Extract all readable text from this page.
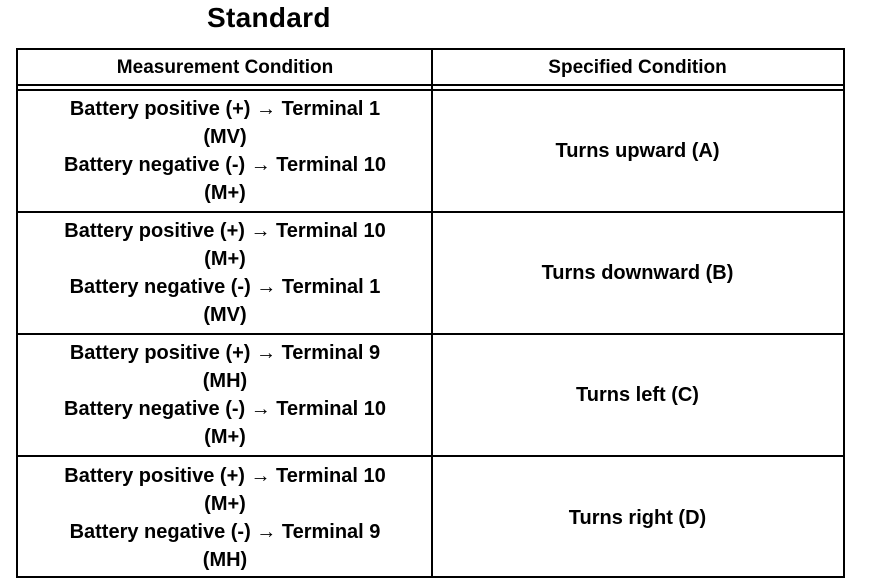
Standard
Measurement Condition	Specified Condition
Battery positive (+) → Terminal 1
(MV)
Battery negative (-) → Terminal 10
(M+)
Turns upward (A)
Battery positive (+) → Terminal 10
(M+)
Battery negative (-) → Terminal 1
(MV)
Turns downward (B)
Battery positive (+) → Terminal 9
(MH)
Battery negative (-) → Terminal 10
(M+)
Turns left (C)
Battery positive (+) → Terminal 10
(M+)
Battery negative (-) → Terminal 9
(MH)
Turns right (D)
